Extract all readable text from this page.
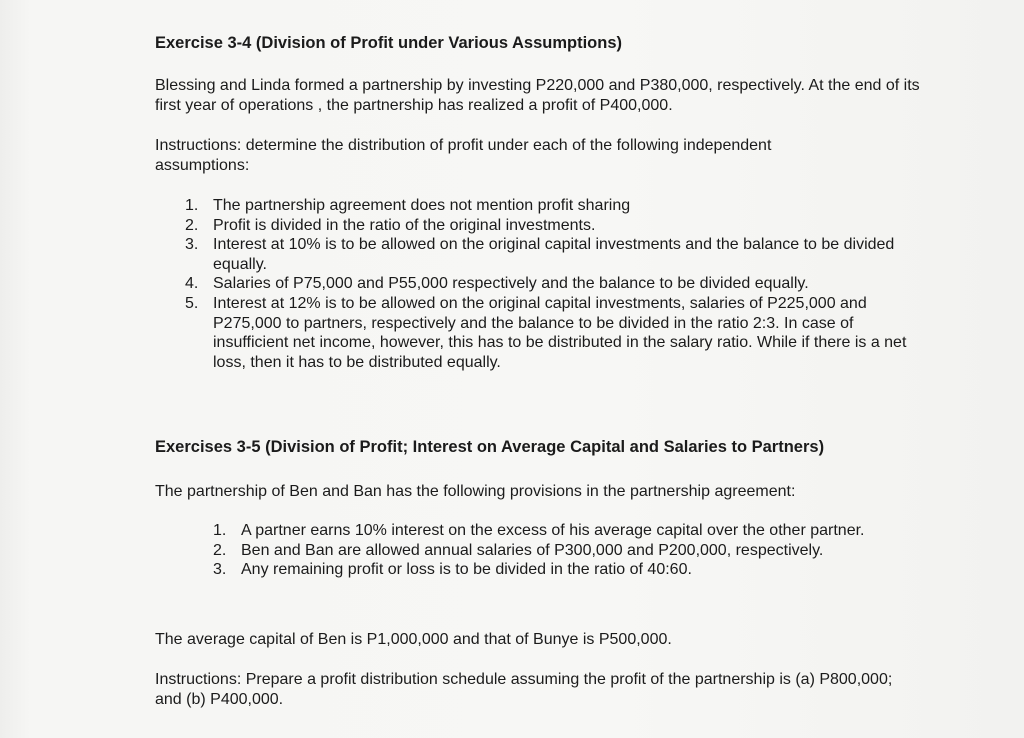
Exercise 3-4 (Division of Profit under Various Assumptions)
Blessing and Linda formed a partnership by investing P220,000 and P380,000, respectively. At the end of its first year of operations , the partnership has realized a profit of P400,000.
Instructions: determine the distribution of profit under each of the following independent assumptions:
1. The partnership agreement does not mention profit sharing
2. Profit is divided in the ratio of the original investments.
3. Interest at 10% is to be allowed on the original capital investments and the balance to be divided equally.
4. Salaries of P75,000 and P55,000 respectively and the balance to be divided equally.
5. Interest at 12% is to be allowed on the original capital investments, salaries of P225,000 and P275,000 to partners, respectively and the balance to be divided in the ratio 2:3. In case of insufficient net income, however, this has to be distributed in the salary ratio. While if there is a net loss, then it has to be distributed equally.
Exercises 3-5 (Division of Profit; Interest on Average Capital and Salaries to Partners)
The partnership of Ben and Ban has the following provisions in the partnership agreement:
1. A partner earns 10% interest on the excess of his average capital over the other partner.
2. Ben and Ban are allowed annual salaries of P300,000 and P200,000, respectively.
3. Any remaining profit or loss is to be divided in the ratio of 40:60.
The average capital of Ben is P1,000,000 and that of Bunye is P500,000.
Instructions: Prepare a profit distribution schedule assuming the profit of the partnership is (a) P800,000; and (b) P400,000.
